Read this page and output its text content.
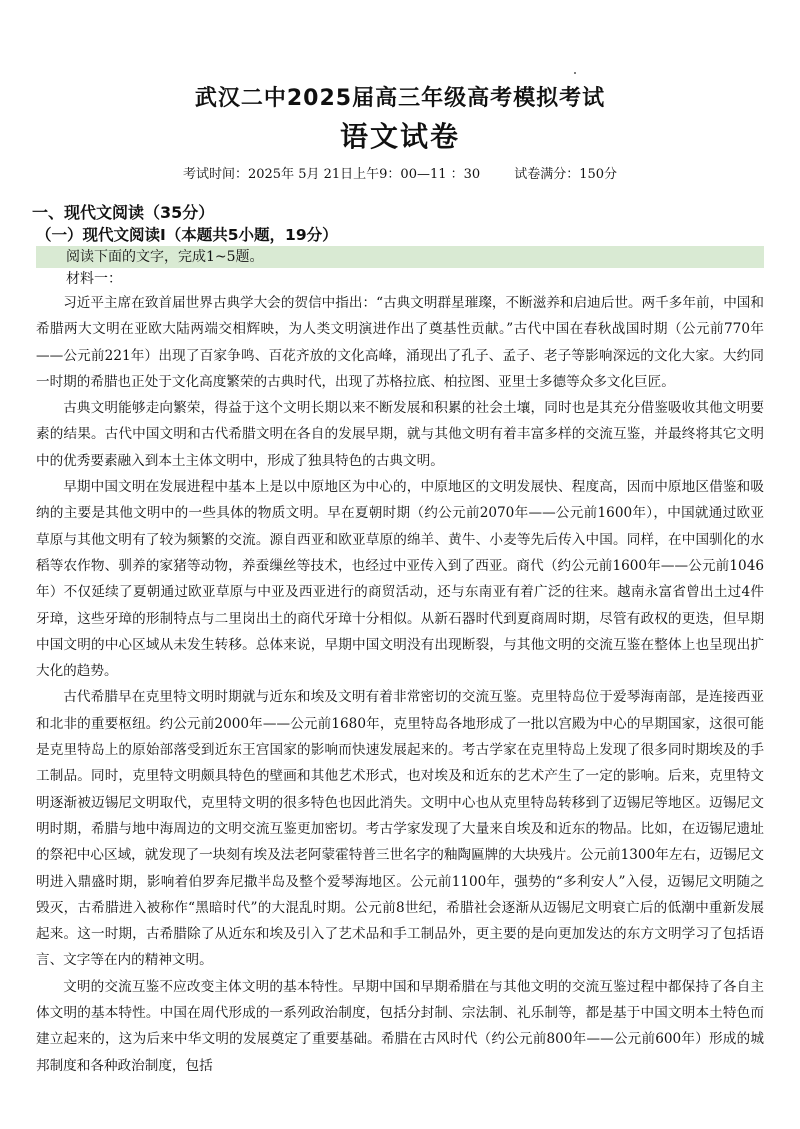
武汉二中2025届高三年级高考模拟考试
语文试卷
考试时间：2025年 5月 21日上午9：00—11 ：30	试卷满分：150分
一、现代文阅读（35分）
（一）现代文阅读Ⅰ（本题共5小题，19分）
阅读下面的文字，完成1~5题。
材料一：

习近平主席在致首届世界古典学大会的贺信中指出：“古典文明群星璀璨，不断滋养和启迪后世。两千多年前，中国和希腊两大文明在亚欧大陆两端交相辉映，为人类文明演进作出了奠基性贡献。”古代中国在春秋战国时期（公元前770年——公元前221年）出现了百家争鸣、百花齐放的文化高峰，涌现出了孔子、孟子、老子等影响深远的文化大家。大约同一时期的希腊也正处于文化高度繁荣的古典时代，出现了苏格拉底、柏拉图、亚里士多德等众多文化巨匠。

古典文明能够走向繁荣，得益于这个文明长期以来不断发展和积累的社会土壤，同时也是其充分借鉴吸收其他文明要素的结果。古代中国文明和古代希腊文明在各自的发展早期，就与其他文明有着丰富多样的交流互鉴，并最终将其它文明中的优秀要素融入到本土主体文明中，形成了独具特色的古典文明。

早期中国文明在发展进程中基本上是以中原地区为中心的，中原地区的文明发展快、程度高，因而中原地区借鉴和吸纳的主要是其他文明中的一些具体的物质文明。早在夏朝时期（约公元前2070年——公元前1600年），中国就通过欧亚草原与其他文明有了较为频繁的交流。源自西亚和欧亚草原的绵羊、黄牛、小麦等先后传入中国。同样，在中国驯化的水稻等农作物、驯养的家猪等动物，养蚕缫丝等技术，也经过中亚传入到了西亚。商代（约公元前1600年——公元前1046年）不仅延续了夏朝通过欧亚草原与中亚及西亚进行的商贸活动，还与东南亚有着广泛的往来。越南永富省曾出土过4件牙璋，这些牙璋的形制特点与二里岗出土的商代牙璋十分相似。从新石器时代到夏商周时期，尽管有政权的更迭，但早期中国文明的中心区域从未发生转移。总体来说，早期中国文明没有出现断裂，与其他文明的交流互鉴在整体上也呈现出扩大化的趋势。

古代希腊早在克里特文明时期就与近东和埃及文明有着非常密切的交流互鉴。克里特岛位于爱琴海南部，是连接西亚和北非的重要枢纽。约公元前2000年——公元前1680年，克里特岛各地形成了一批以宫殿为中心的早期国家，这很可能是克里特岛上的原始部落受到近东王宫国家的影响而快速发展起来的。考古学家在克里特岛上发现了很多同时期埃及的手工制品。同时，克里特文明颇具特色的壁画和其他艺术形式，也对埃及和近东的艺术产生了一定的影响。后来，克里特文明逐渐被迈锡尼文明取代，克里特文明的很多特色也因此消失。文明中心也从克里特岛转移到了迈锡尼等地区。迈锡尼文明时期，希腊与地中海周边的文明交流互鉴更加密切。考古学家发现了大量来自埃及和近东的物品。比如，在迈锡尼遗址的祭祀中心区域，就发现了一块刻有埃及法老阿蒙霍特普三世名字的釉陶匾牌的大块残片。公元前1300年左右，迈锡尼文明进入鼎盛时期，影响着伯罗奔尼撒半岛及整个爱琴海地区。公元前1100年，强势的“多利安人”入侵，迈锡尼文明随之毁灭，古希腊进入被称作“黑暗时代”的大混乱时期。公元前8世纪，希腊社会逐渐从迈锡尼文明衰亡后的低潮中重新发展起来。这一时期，古希腊除了从近东和埃及引入了艺术品和手工制品外，更主要的是向更加发达的东方文明学习了包括语言、文字等在内的精神文明。

文明的交流互鉴不应改变主体文明的基本特性。早期中国和早期希腊在与其他文明的交流互鉴过程中都保持了各自主体文明的基本特性。中国在周代形成的一系列政治制度，包括分封制、宗法制、礼乐制等，都是基于中国文明本土特色而建立起来的，这为后来中华文明的发展奠定了重要基础。希腊在古风时代（约公元前800年——公元前600年）形成的城邦制度和各种政治制度，包括
